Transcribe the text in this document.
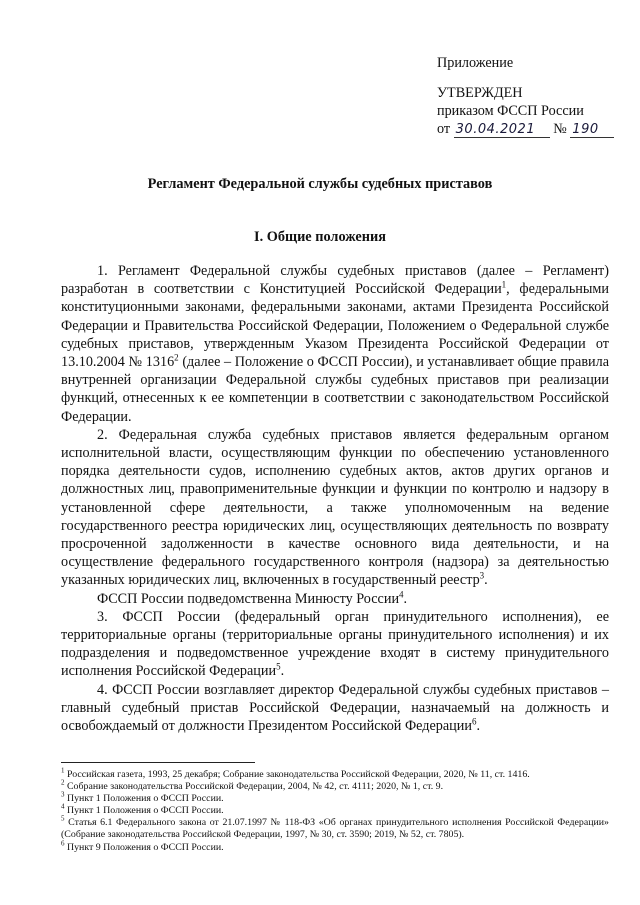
Приложение
УТВЕРЖДЕН
приказом ФССП России
от 30.04.2021 № 190
Регламент Федеральной службы судебных приставов
I. Общие положения

1. Регламент Федеральной службы судебных приставов (далее – Регламент) разработан в соответствии с Конституцией Российской Федерации$^1$, федеральными конституционными законами, федеральными законами, актами Президента Российской Федерации и Правительства Российской Федерации, Положением о Федеральной службе судебных приставов, утвержденным Указом Президента Российской Федерации от 13.10.2004 № 1316$^2$ (далее – Положение о ФССП России), и устанавливает общие правила внутренней организации Федеральной службы судебных приставов при реализации функций, отнесенных к ее компетенции в соответствии с законодательством Российской Федерации.

2. Федеральная служба судебных приставов является федеральным органом исполнительной власти, осуществляющим функции по обеспечению установленного порядка деятельности судов, исполнению судебных актов, актов других органов и должностных лиц, правоприменительные функции и функции по контролю и надзору в установленной сфере деятельности, а также уполномоченным на ведение государственного реестра юридических лиц, осуществляющих деятельность по возврату просроченной задолженности в качестве основного вида деятельности, и на осуществление федерального государственного контроля (надзора) за деятельностью указанных юридических лиц, включенных в государственный реестр$^3$.

ФССП России подведомственна Минюсту России$^4$.

3. ФССП России (федеральный орган принудительного исполнения), ее территориальные органы (территориальные органы принудительного исполнения) и их подразделения и подведомственное учреждение входят в систему принудительного исполнения Российской Федерации$^5$.

4. ФССП России возглавляет директор Федеральной службы судебных приставов – главный судебный пристав Российской Федерации, назначаемый на должность и освобождаемый от должности Президентом Российской Федерации$^6$.

$^1$ Российская газета, 1993, 25 декабря; Собрание законодательства Российской Федерации, 2020, № 11, ст. 1416.

$^2$ Собрание законодательства Российской Федерации, 2004, № 42, ст. 4111; 2020, № 1, ст. 9.

$^3$ Пункт 1 Положения о ФССП России.

$^4$ Пункт 1 Положения о ФССП России.

$^5$ Статья 6.1 Федерального закона от 21.07.1997 № 118-ФЗ «Об органах принудительного исполнения Российской Федерации» (Собрание законодательства Российской Федерации, 1997, № 30, ст. 3590; 2019, № 52, ст. 7805).

$^6$ Пункт 9 Положения о ФССП России.
